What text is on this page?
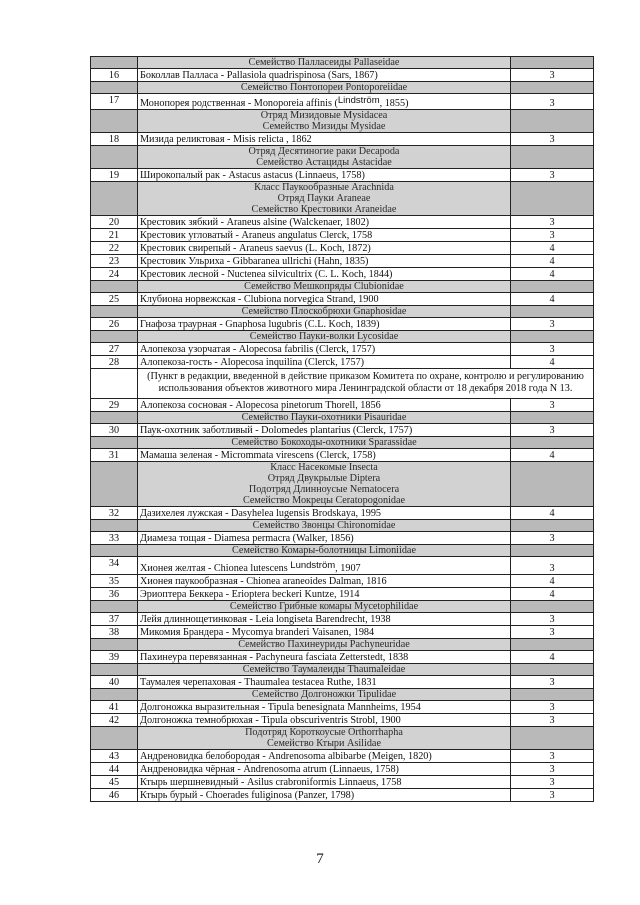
	Семейство Палласеиды Pallaseidae	

16	Боколлав Палласа - Pallasiola quadrispinosa (Sars, 1867)	3

	Семейство Понтопореи Pontoporeiidae	

17	Монопорея родственная - Monoporeia affinis (Lindström, 1855)	3

	Отряд Мизидовые Mysidacea
Семейство Мизиды Mysidae	

18	Мизида реликтовая - Misis relicta , 1862	3

	Отряд Десятиногие раки Decapoda
Семейство Астациды Astacidae	

19	Широкопалый рак - Astacus astacus (Linnaeus, 1758)	3

	Класс Паукообразные Arachnida
Отряд Пауки Araneae
Семейство Крестовики Araneidae	

20	Крестовик зябкий - Araneus alsine (Walckenaer, 1802)	3
21	Крестовик угловатый - Araneus angulatus Clerck, 1758	3
22	Крестовик свирепый - Araneus saevus (L. Koch, 1872)	4
23	Крестовик Ульриха - Gibbaranea ullrichi (Hahn, 1835)	4
24	Крестовик лесной - Nuctenea silvicultrix (C. L. Koch, 1844)	4

	Семейство Мешкопряды Clubionidae	

25	Клубиона норвежская - Clubiona norvegica Strand, 1900	4

	Семейство Плоскобрюхи Gnaphosidae	

26	Гнафоза траурная - Gnaphosa lugubris (C.L. Koch, 1839)	3

	Семейство Пауки-волки Lycosidae	

27	Алопекоза узорчатая - Alopecosa fabrilis (Clerck, 1757)	3
28	Алопекоза-гость - Alopecosa inquilina (Clerck, 1757)	4
	(Пункт в редакции, введенной в действие приказом Комитета по охране, контролю и регулированию использования объектов животного мира Ленинградской области от 18 декабря 2018 года N 13.	
29	Алопекоза сосновая - Alopecosa pinetorum Thorell, 1856	3

	Семейство Пауки-охотники Pisauridae	

30	Паук-охотник заботливый - Dolomedes plantarius (Clerck, 1757)	3

	Семейство Бокоходы-охотники Sparassidae	

31	Мамаша зеленая - Micrommata virescens (Clerck, 1758)	4

	Класс Насекомые Insecta
Отряд Двукрылые Diptera
Подотряд Длинноусые Nematocera
Семейство Мокрецы Ceratopogonidae	

32	Дазихелея лужская - Dasyhelea lugensis Brodskaya, 1995	4

	Семейство Звонцы Chironomidae	

33	Диамеза тощая - Diamesa permacra (Walker, 1856)	3

	Семейство Комары-болотницы Limoniidae	

34	Хионея желтая - Chionea lutescens Lundström, 1907	3
35	Хионея паукообразная - Chionea araneoides Dalman, 1816	4
36	Эриоптера Беккера - Erioptera beckeri Kuntze, 1914	4

	Семейство Грибные комары Mycetophilidae	

37	Лейя длиннощетинковая - Leia longiseta Barendrecht, 1938	3
38	Микомия Брандера - Mycomya branderi Vaisanen, 1984	3

	Семейство Пахинеуриды Pachyneuridae	

39	Пахинеура перевязанная - Pachyneura fasciata Zetterstedt, 1838	4

	Семейство Таумалеиды Thaumaleidae	

40	Таумалея черепаховая - Thaumalea testacea Ruthe, 1831	3

	Семейство Долгоножки Tipulidae	

41	Долгоножка выразительная - Tipula benesignata Mannheims, 1954	3
42	Долгоножка темнобрюхая - Tipula obscuriventris Strobl, 1900	3

	Подотряд Короткоусые Orthorrhapha
Семейство Ктыри Asilidae	

43	Андреновидка белобородая - Andrenosoma albibarbe (Meigen, 1820)	3
44	Андреновидка чёрная - Andrenosoma atrum (Linnaeus, 1758)	3
45	Ктырь шершневидный - Asilus crabroniformis Linnaeus, 1758	3
46	Ктырь бурый - Choerades fuliginosa (Panzer, 1798)	3
7
